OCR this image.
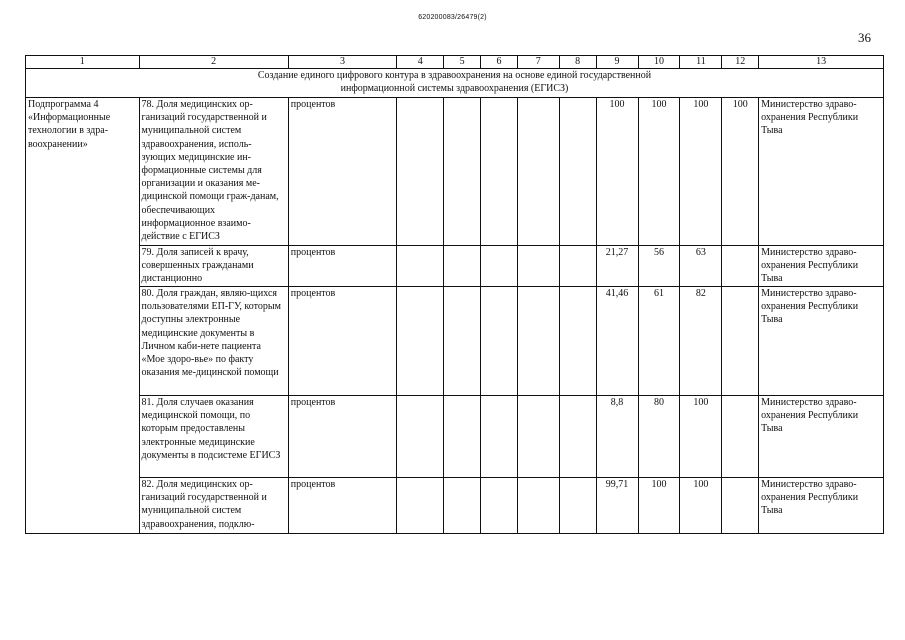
620200083/26479(2)
36
1	2	3	4	5	6	7	8	9	10	11	12	13
Создание единого цифрового контура в здравоохранения на основе единой государственной информационной системы здравоохранения (ЕГИСЗ)												
Подпрограмма 4 «Информационные технологии в здра-воохранении»	78. Доля медицинских ор-ганизаций государственной и муниципальной систем здравоохранения, исполь-зующих медицинские ин-формационные системы для организации и оказания ме-дицинской помощи граж-данам, обеспечивающих информационное взаимо-действие с ЕГИСЗ	процентов						100	100	100	100	Министерство здраво-охранения Республики Тыва
	79. Доля записей к врачу, совершенных гражданами дистанционно	процентов						21,27	56	63		Министерство здраво-охранения Республики Тыва
	80. Доля граждан, являю-щихся пользователями ЕП-ГУ, которым доступны электронные медицинские документы в Личном каби-нете пациента «Мое здоро-вье» по факту оказания ме-дицинской помощи	процентов						41,46	61	82		Министерство здраво-охранения Республики Тыва
	81. Доля случаев оказания медицинской помощи, по которым предоставлены электронные медицинские документы в подсистеме ЕГИСЗ	процентов						8,8	80	100		Министерство здраво-охранения Республики Тыва
	82. Доля медицинских ор-ганизаций государственной и муниципальной систем здравоохранения, подклю-	процентов						99,71	100	100		Министерство здраво-охранения Республики Тыва
